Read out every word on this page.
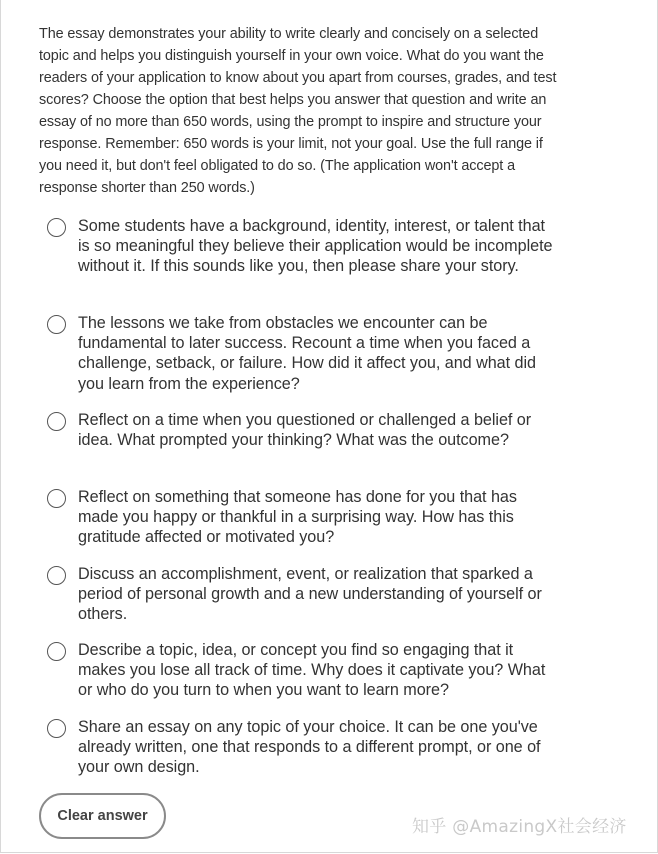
The essay demonstrates your ability to write clearly and concisely on a selected topic and helps you distinguish yourself in your own voice. What do you want the readers of your application to know about you apart from courses, grades, and test scores? Choose the option that best helps you answer that question and write an essay of no more than 650 words, using the prompt to inspire and structure your response. Remember: 650 words is your limit, not your goal. Use the full range if you need it, but don't feel obligated to do so. (The application won't accept a response shorter than 250 words.)

Some students have a background, identity, interest, or talent that is so meaningful they believe their application would be incomplete without it. If this sounds like you, then please share your story.
The lessons we take from obstacles we encounter can be fundamental to later success. Recount a time when you faced a challenge, setback, or failure. How did it affect you, and what did you learn from the experience?
Reflect on a time when you questioned or challenged a belief or idea. What prompted your thinking? What was the outcome?
Reflect on something that someone has done for you that has made you happy or thankful in a surprising way. How has this gratitude affected or motivated you?
Discuss an accomplishment, event, or realization that sparked a period of personal growth and a new understanding of yourself or others.
Describe a topic, idea, or concept you find so engaging that it makes you lose all track of time. Why does it captivate you? What or who do you turn to when you want to learn more?
Share an essay on any topic of your choice. It can be one you've already written, one that responds to a different prompt, or one of your own design.
Clear answer
知乎 @AmazingX社会经济
